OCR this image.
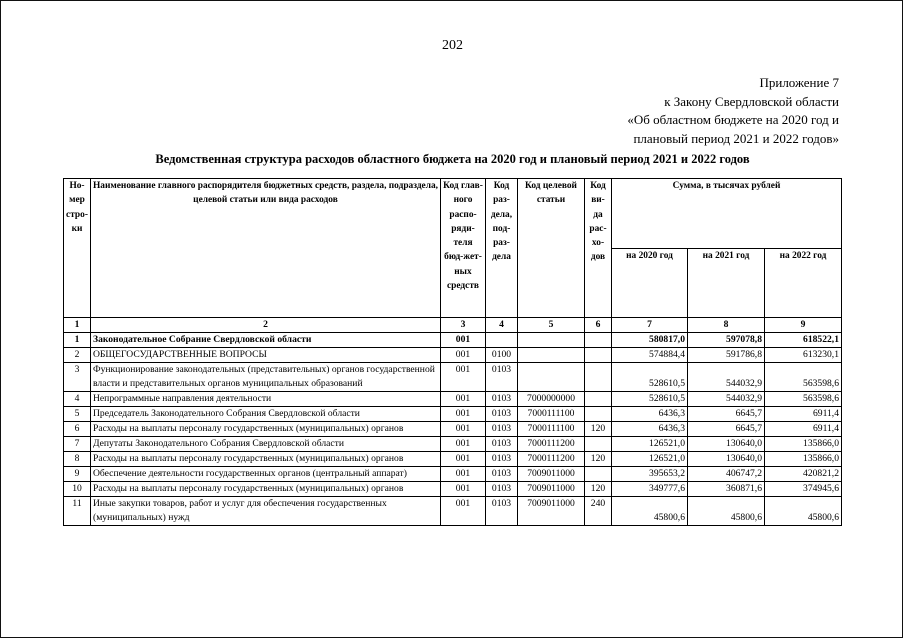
202
Приложение 7
к Закону Свердловской области
«Об областном бюджете на 2020 год и
плановый период 2021 и 2022 годов»
Ведомственная структура расходов областного бюджета на 2020 год и плановый период 2021 и 2022 годов
Но-мер стро-ки	Наименование главного распорядителя бюджетных средств, раздела, подраздела, целевой статьи или вида расходов	Код глав-ного распо-ряди-теля бюд-жет-ных средств	Код раз-дела, под-раз-дела	Код целевой статьи	Код ви-да рас-хо-дов	Сумма, в тысячах рублей		
						на 2020 год	на 2021 год	на 2022 год
1	2	3	4	5	6	7	8	9
1	Законодательное Собрание Свердловской области	001				580817,0	597078,8	618522,1
2	ОБЩЕГОСУДАРСТВЕННЫЕ ВОПРОСЫ	001	0100			574884,4	591786,8	613230,1
3	Функционирование законодательных (представительных) органов государственной власти и представительных органов муниципальных образований	001	0103			528610,5	544032,9	563598,6
4	Непрограммные направления деятельности	001	0103	7000000000		528610,5	544032,9	563598,6
5	Председатель Законодательного Собрания Свердловской области	001	0103	7000111100		6436,3	6645,7	6911,4
6	Расходы на выплаты персоналу государственных (муниципальных) органов	001	0103	7000111100	120	6436,3	6645,7	6911,4
7	Депутаты Законодательного Собрания Свердловской области	001	0103	7000111200		126521,0	130640,0	135866,0
8	Расходы на выплаты персоналу государственных (муниципальных) органов	001	0103	7000111200	120	126521,0	130640,0	135866,0
9	Обеспечение деятельности государственных органов (центральный аппарат)	001	0103	7009011000		395653,2	406747,2	420821,2
10	Расходы на выплаты персоналу государственных (муниципальных) органов	001	0103	7009011000	120	349777,6	360871,6	374945,6
11	Иные закупки товаров, работ и услуг для обеспечения государственных (муниципальных) нужд	001	0103	7009011000	240	45800,6	45800,6	45800,6
